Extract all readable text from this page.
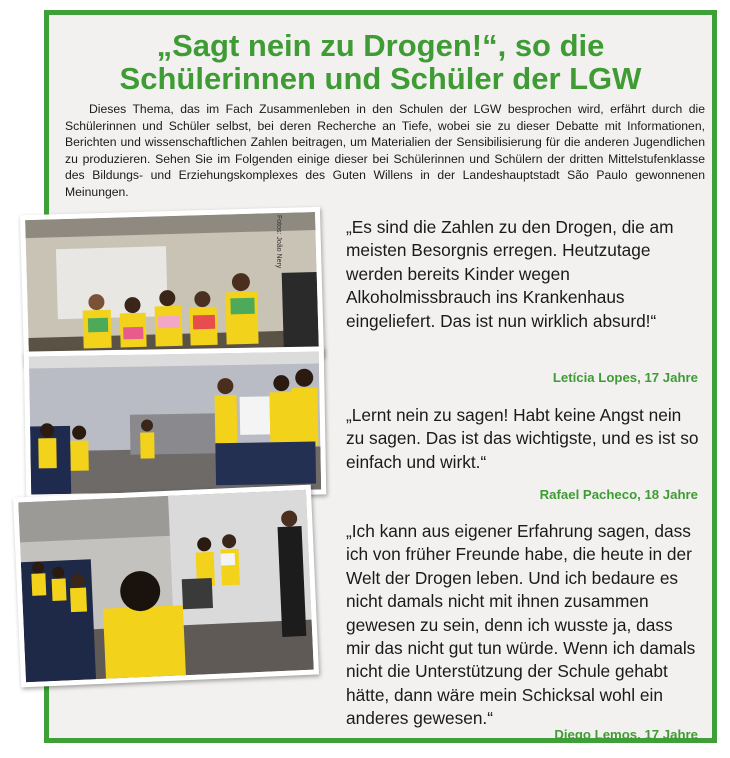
„Sagt nein zu Drogen!“, so die
Schülerinnen und Schüler der LGW

Dieses Thema, das im Fach Zusammenleben in den Schulen der LGW besprochen wird, erfährt durch die Schülerinnen und Schüler selbst, bei deren Recherche an Tiefe, wobei sie zu dieser Debatte mit Informationen, Berichten und wissenschaftlichen Zahlen beitragen, um Materialien der Sensibilisierung für die anderen Jugendlichen zu produzieren. Sehen Sie im Folgenden einige dieser bei Schülerinnen und Schülern der dritten Mittelstufenklasse des Bildungs- und Erziehungskomplexes des Guten Willens in der Landeshauptstadt São Paulo gewonnenen Meinungen.

„Es sind die Zahlen zu den Drogen, die am meisten Besorgnis erregen. Heutzutage werden bereits Kinder wegen Alkoholmissbrauch ins Krankenhaus eingeliefert. Das ist nun wirklich absurd!“

Letícia Lopes, 17 Jahre

„Lernt nein zu sagen! Habt keine Angst nein zu sagen. Das ist das wichtigste, und es ist so einfach und wirkt.“

Rafael Pacheco, 18 Jahre

„Ich kann aus eigener Erfahrung sagen, dass ich von früher Freunde habe, die heute in der Welt der Drogen leben. Und ich bedaure es nicht damals nicht mit ihnen zusammen gewesen zu sein, denn ich wusste ja, dass mir das nicht gut tun würde. Wenn ich damals nicht die Unterstützung der Schule gehabt hätte, dann wäre mein Schicksal wohl ein anderes gewesen.“

Diego Lemos, 17 Jahre

Fotos: João Nery
